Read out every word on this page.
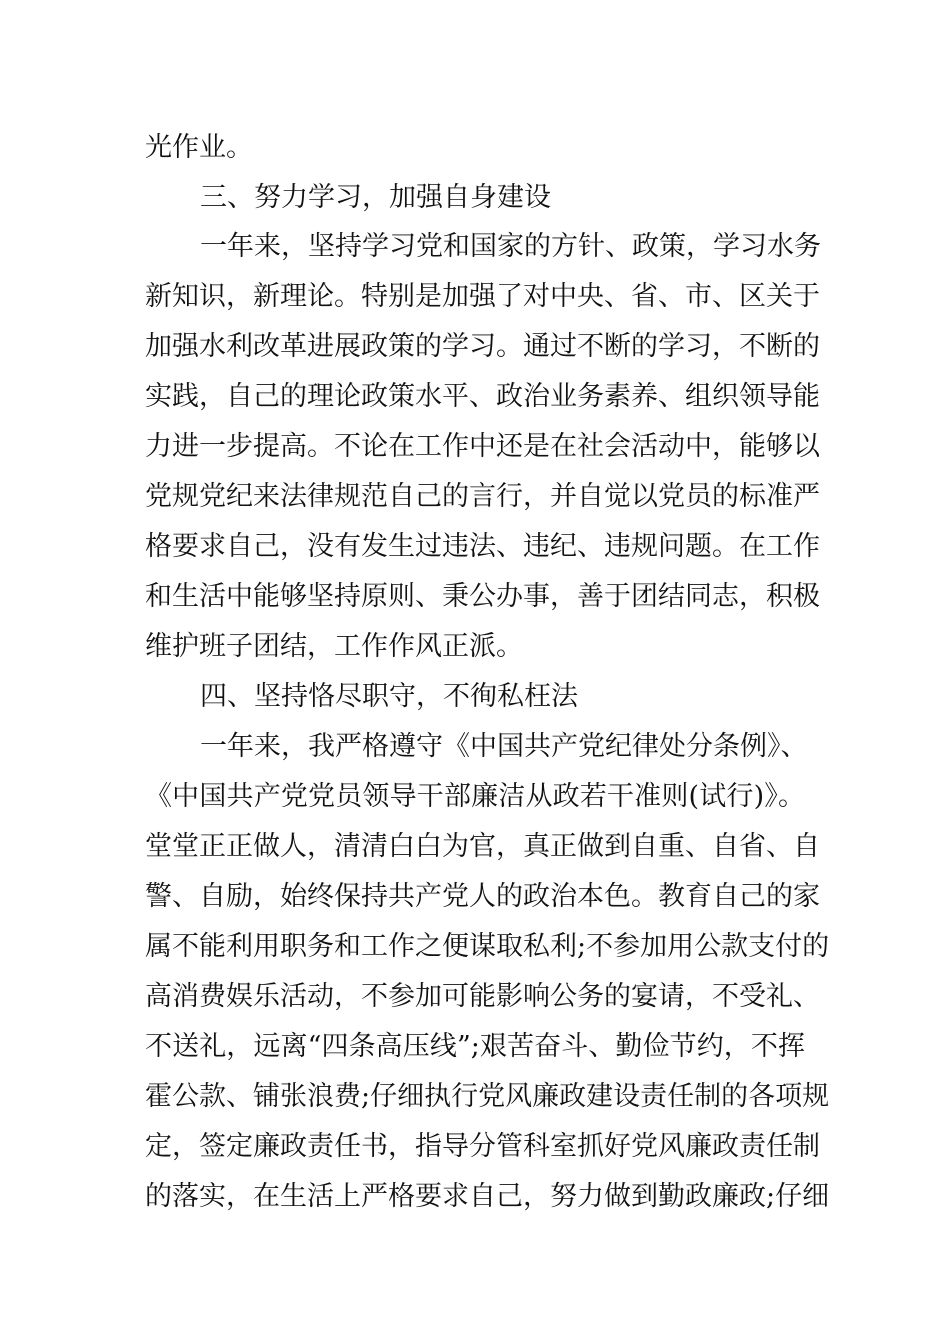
光作业。
三、努力学习，加强自身建设
一年来，坚持学习党和国家的方针、政策，学习水务
新知识，新理论。特别是加强了对中央、省、市、区关于
加强水利改革进展政策的学习。通过不断的学习，不断的
实践，自己的理论政策水平、政治业务素养、组织领导能
力进一步提高。不论在工作中还是在社会活动中，能够以
党规党纪来法律规范自己的言行，并自觉以党员的标准严
格要求自己，没有发生过违法、违纪、违规问题。在工作
和生活中能够坚持原则、秉公办事，善于团结同志，积极
维护班子团结，工作作风正派。
四、坚持恪尽职守，不徇私枉法
一年来，我严格遵守《中国共产党纪律处分条例》、
《中国共产党党员领导干部廉洁从政若干准则(试行)》。
堂堂正正做人，清清白白为官，真正做到自重、自省、自
警、自励，始终保持共产党人的政治本色。教育自己的家
属不能利用职务和工作之便谋取私利;不参加用公款支付的
高消费娱乐活动，不参加可能影响公务的宴请，不受礼、
不送礼，远离“四条高压线”;艰苦奋斗、勤俭节约，不挥
霍公款、铺张浪费;仔细执行党风廉政建设责任制的各项规
定，签定廉政责任书，指导分管科室抓好党风廉政责任制
的落实，在生活上严格要求自己，努力做到勤政廉政;仔细
